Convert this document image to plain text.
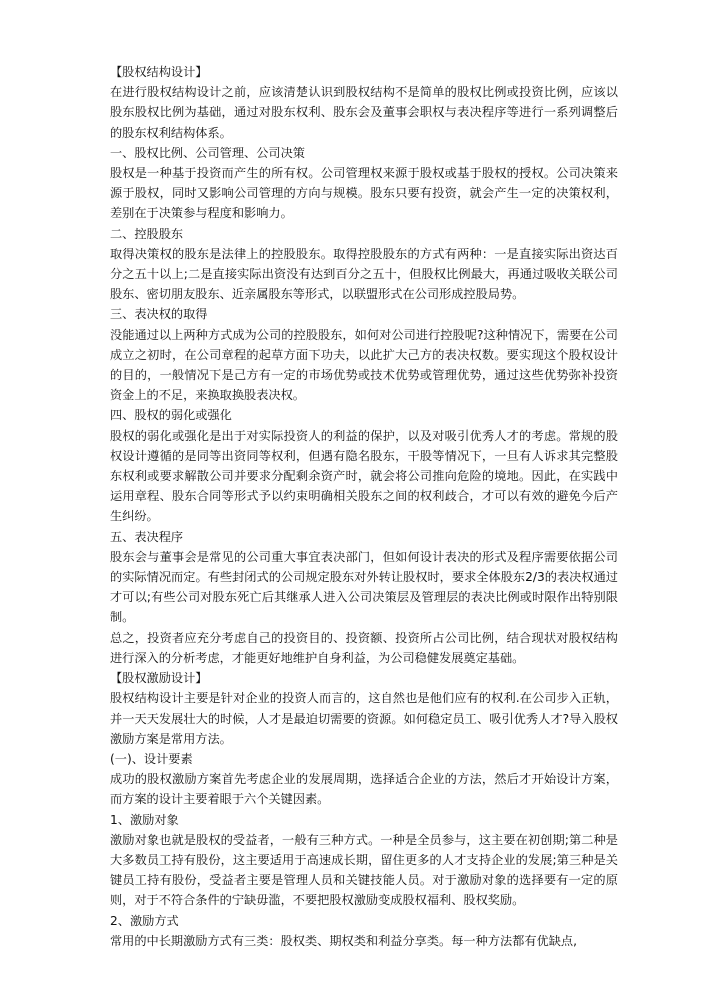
【股权结构设计】

在进行股权结构设计之前，应该清楚认识到股权结构不是简单的股权比例或投资比例，应该以股东股权比例为基础，通过对股东权利、股东会及董事会职权与表决程序等进行一系列调整后的股东权利结构体系。

一、股权比例、公司管理、公司决策

股权是一种基于投资而产生的所有权。公司管理权来源于股权或基于股权的授权。公司决策来源于股权，同时又影响公司管理的方向与规模。股东只要有投资，就会产生一定的决策权利，差别在于决策参与程度和影响力。

二、控股股东

取得决策权的股东是法律上的控股股东。取得控股股东的方式有两种：一是直接实际出资达百分之五十以上;二是直接实际出资没有达到百分之五十，但股权比例最大，再通过吸收关联公司股东、密切朋友股东、近亲属股东等形式，以联盟形式在公司形成控股局势。

三、表决权的取得

没能通过以上两种方式成为公司的控股股东，如何对公司进行控股呢?这种情况下，需要在公司成立之初时，在公司章程的起草方面下功夫，以此扩大己方的表决权数。要实现这个股权设计的目的，一般情况下是己方有一定的市场优势或技术优势或管理优势，通过这些优势弥补投资资金上的不足，来换取换股表决权。

四、股权的弱化或强化

股权的弱化或强化是出于对实际投资人的利益的保护，以及对吸引优秀人才的考虑。常规的股权设计遵循的是同等出资同等权利，但遇有隐名股东，干股等情况下，一旦有人诉求其完整股东权利或要求解散公司并要求分配剩余资产时，就会将公司推向危险的境地。因此，在实践中运用章程、股东合同等形式予以约束明确相关股东之间的权利歧合，才可以有效的避免今后产生纠纷。

五、表决程序

股东会与董事会是常见的公司重大事宜表决部门，但如何设计表决的形式及程序需要依据公司的实际情况而定。有些封闭式的公司规定股东对外转让股权时，要求全体股东2/3的表决权通过才可以;有些公司对股东死亡后其继承人进入公司决策层及管理层的表决比例或时限作出特别限制。

总之，投资者应充分考虑自己的投资目的、投资额、投资所占公司比例，结合现状对股权结构进行深入的分析考虑，才能更好地维护自身利益，为公司稳健发展奠定基础。

【股权激励设计】

股权结构设计主要是针对企业的投资人而言的，这自然也是他们应有的权利.在公司步入正轨，并一天天发展壮大的时候，人才是最迫切需要的资源。如何稳定员工、吸引优秀人才?导入股权激励方案是常用方法。

(一)、设计要素

成功的股权激励方案首先考虑企业的发展周期，选择适合企业的方法，然后才开始设计方案，而方案的设计主要着眼于六个关键因素。

1、激励对象

激励对象也就是股权的受益者，一般有三种方式。一种是全员参与，这主要在初创期;第二种是大多数员工持有股份，这主要适用于高速成长期，留住更多的人才支持企业的发展;第三种是关键员工持有股份，受益者主要是管理人员和关键技能人员。对于激励对象的选择要有一定的原则，对于不符合条件的宁缺毋滥，不要把股权激励变成股权福利、股权奖励。

2、激励方式

常用的中长期激励方式有三类：股权类、期权类和利益分享类。每一种方法都有优缺点,
